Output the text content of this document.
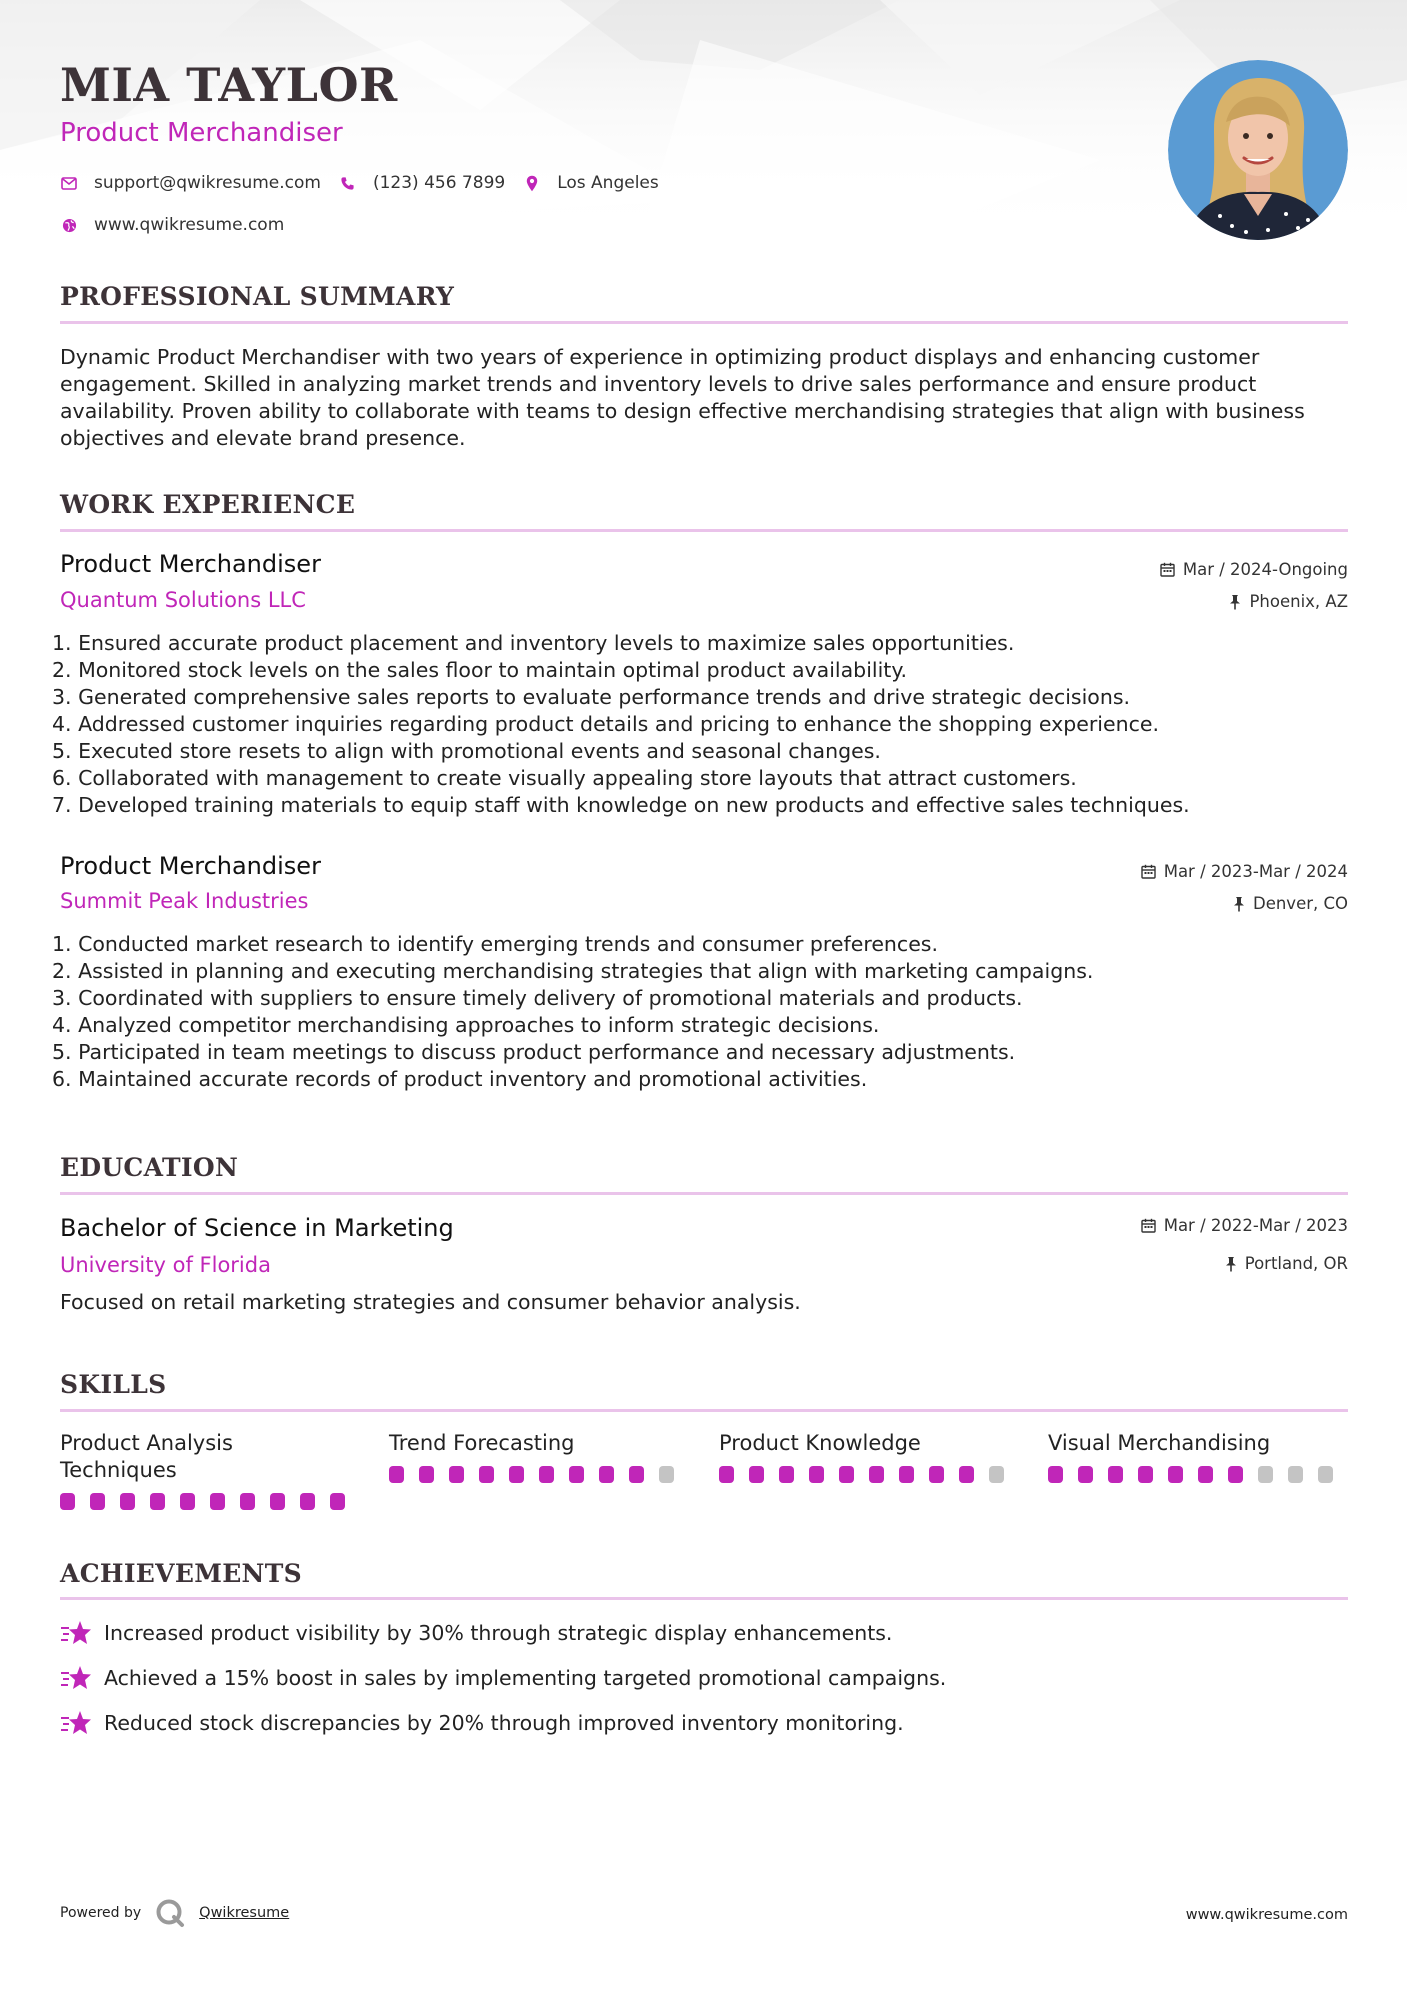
MIA TAYLOR
Product Merchandiser
support@qwikresume.com	(123) 456 7899	Los Angeles
www.qwikresume.com
PROFESSIONAL SUMMARY

Dynamic Product Merchandiser with two years of experience in optimizing product displays and enhancing customer engagement. Skilled in analyzing market trends and inventory levels to drive sales performance and ensure product availability. Proven ability to collaborate with teams to design effective merchandising strategies that align with business objectives and elevate brand presence.

WORK EXPERIENCE
Product Merchandiser
Quantum Solutions LLC
Mar / 2024-Ongoing
Phoenix, AZ
1. Ensured accurate product placement and inventory levels to maximize sales opportunities.
2. Monitored stock levels on the sales floor to maintain optimal product availability.
3. Generated comprehensive sales reports to evaluate performance trends and drive strategic decisions.
4. Addressed customer inquiries regarding product details and pricing to enhance the shopping experience.
5. Executed store resets to align with promotional events and seasonal changes.
6. Collaborated with management to create visually appealing store layouts that attract customers.
7. Developed training materials to equip staff with knowledge on new products and effective sales techniques.
Product Merchandiser
Summit Peak Industries
Mar / 2023-Mar / 2024
Denver, CO
1. Conducted market research to identify emerging trends and consumer preferences.
2. Assisted in planning and executing merchandising strategies that align with marketing campaigns.
3. Coordinated with suppliers to ensure timely delivery of promotional materials and products.
4. Analyzed competitor merchandising approaches to inform strategic decisions.
5. Participated in team meetings to discuss product performance and necessary adjustments.
6. Maintained accurate records of product inventory and promotional activities.
EDUCATION
Bachelor of Science in Marketing
University of Florida
Mar / 2022-Mar / 2023
Portland, OR

Focused on retail marketing strategies and consumer behavior analysis.

SKILLS
Product Analysis Techniques
Trend Forecasting	Product Knowledge	Visual Merchandising
ACHIEVEMENTS
Increased product visibility by 30% through strategic display enhancements.
Achieved a 15% boost in sales by implementing targeted promotional campaigns.
Reduced stock discrepancies by 20% through improved inventory monitoring.
Powered by	Qwikresume	www.qwikresume.com
